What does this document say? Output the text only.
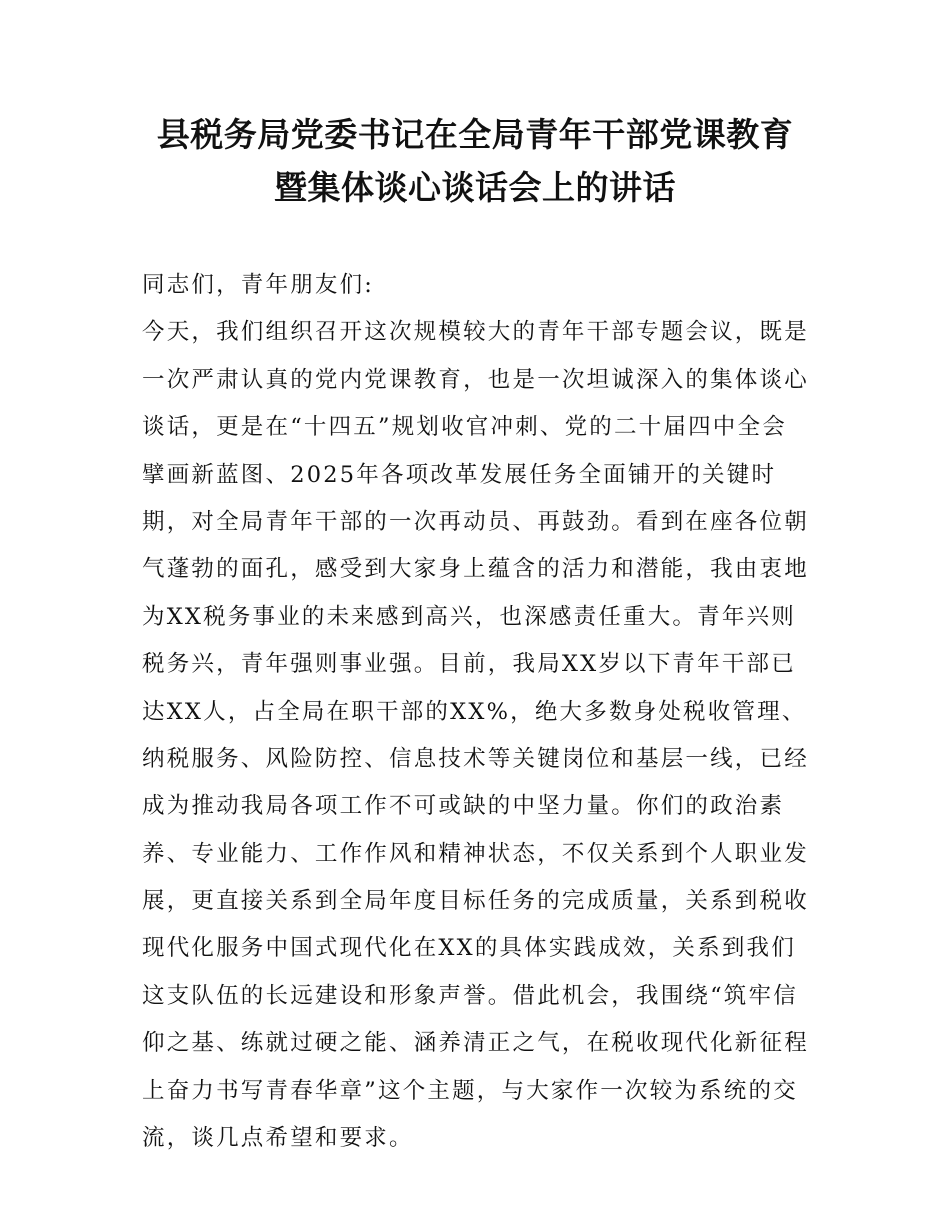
县税务局党委书记在全局青年干部党课教育
暨集体谈心谈话会上的讲话
同志们，青年朋友们:
今天，我们组织召开这次规模较大的青年干部专题会议，既是
一次严肃认真的党内党课教育，也是一次坦诚深入的集体谈心
谈话，更是在“十四五”规划收官冲刺、党的二十届四中全会
擘画新蓝图、2025年各项改革发展任务全面铺开的关键时
期，对全局青年干部的一次再动员、再鼓劲。看到在座各位朝
气蓬勃的面孔，感受到大家身上蕴含的活力和潜能，我由衷地
为XX税务事业的未来感到高兴，也深感责任重大。青年兴则
税务兴，青年强则事业强。目前，我局XX岁以下青年干部已
达XX人，占全局在职干部的XX%，绝大多数身处税收管理、
纳税服务、风险防控、信息技术等关键岗位和基层一线，已经
成为推动我局各项工作不可或缺的中坚力量。你们的政治素
养、专业能力、工作作风和精神状态，不仅关系到个人职业发
展，更直接关系到全局年度目标任务的完成质量，关系到税收
现代化服务中国式现代化在XX的具体实践成效，关系到我们
这支队伍的长远建设和形象声誉。借此机会，我围绕“筑牢信
仰之基、练就过硬之能、涵养清正之气，在税收现代化新征程
上奋力书写青春华章”这个主题，与大家作一次较为系统的交
流，谈几点希望和要求。
